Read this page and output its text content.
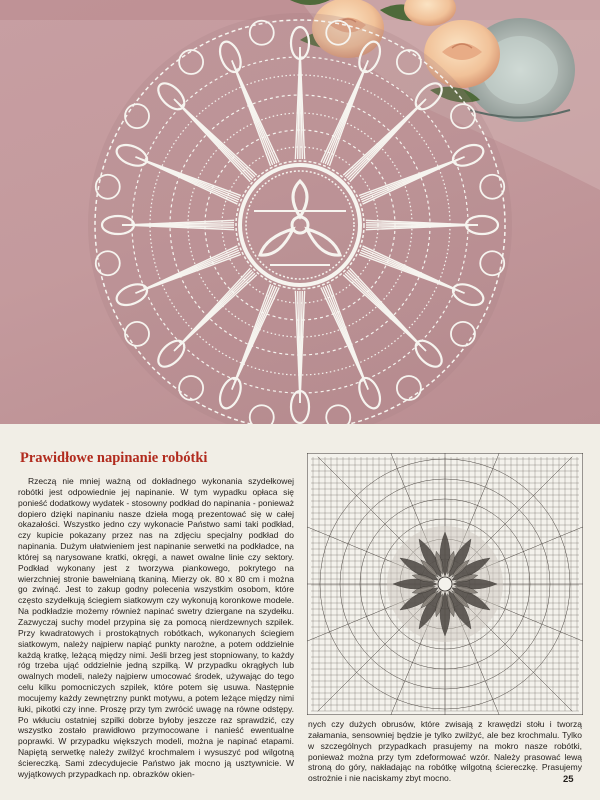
Prawidłowe napinanie robótki

Rzeczą nie mniej ważną od dokładnego wykonania szydełkowej robótki jest odpowiednie jej napinanie. W tym wypadku opłaca się ponieść dodatkowy wydatek - stosowny podkład do napinania - ponieważ dopiero dzięki napinaniu nasze dzieła mogą prezentować się w całej okazałości. Wszystko jedno czy wykonacie Państwo sami taki podkład, czy kupicie pokazany przez nas na zdjęciu specjalny podkład do napinania. Dużym ułatwieniem jest napinanie serwetki na podkładce, na której są narysowane kratki, okręgi, a nawet owalne linie czy sektory. Podkład wykonany jest z tworzywa piankowego, pokrytego na wierzchniej stronie bawełnianą tkaniną. Mierzy ok. 80 x 80 cm i można go zwinąć. Jest to zakup godny polecenia wszystkim osobom, które często szydełkują ściegiem siatkowym czy wykonują koronkowe modele. Na podkładzie możemy również napinać swetry dziergane na szydełku. Zazwyczaj suchy model przypina się za pomocą nierdzewnych szpilek. Przy kwadratowych i prostokątnych robótkach, wykonanych ściegiem siatkowym, należy najpierw napiąć punkty narożne, a potem oddzielnie każdą kratkę, leżącą między nimi. Jeśli brzeg jest stopniowany, to każdy róg trzeba ująć oddzielnie jedną szpilką. W przypadku okrągłych lub owalnych modeli, należy najpierw umocować środek, używając do tego celu kilku pomocniczych szpilek, które potem się usuwa. Następnie mocujemy każdy zewnętrzny punkt motywu, a potem leżące między nimi łuki, pikotki czy inne. Proszę przy tym zwrócić uwagę na równe odstępy. Po wkłuciu ostatniej szpilki dobrze byłoby jeszcze raz sprawdzić, czy wszystko zostało prawidłowo przymocowane i nanieść ewentualne poprawki. W przypadku większych modeli, można je napinać etapami. Napiętą serwetkę należy zwilżyć krochmalem i wysuszyć pod wilgotną ściereczką. Sami zdecydujecie Państwo jak mocno ją usztywnicie. W wyjątkowych przypadkach np. obrazków okien-

nych czy dużych obrusów, które zwisają z krawędzi stołu i tworzą załamania, sensowniej będzie je tylko zwilżyć, ale bez krochmalu. Tylko w szczególnych przypadkach prasujemy na mokro nasze robótki, ponieważ można przy tym zdeformować wzór. Należy prasować lewą stroną do góry, nakładając na robótkę wilgotną ściereczkę. Prasujemy ostrożnie i nie naciskamy zbyt mocno.	25
